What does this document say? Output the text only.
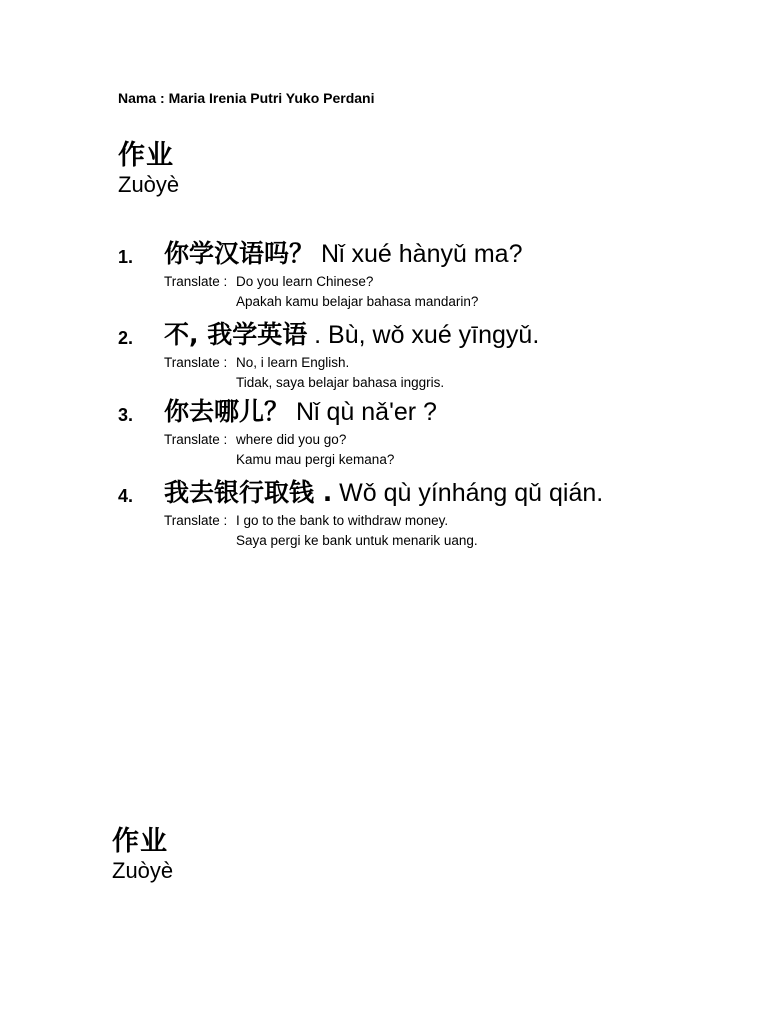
Nama : Maria Irenia Putri Yuko Perdani
作业
Zuòyè
1. 你学汉语吗？ Nǐ xué hànyǔ ma?
Translate : Do you learn Chinese?
Apakah kamu belajar bahasa mandarin?
2. 不, 我学英语 . Bù, wǒ xué yīngyǔ.
Translate : No, i learn English.
Tidak, saya belajar bahasa inggris.
3. 你去哪儿？ Nǐ qù nǎ'er ?
Translate : where did you go?
Kamu mau pergi kemana?
4. 我去银行取钱 . Wǒ qù yínháng qǔ qián.
Translate : I go to the bank to withdraw money.
Saya pergi ke bank untuk menarik uang.
作业
Zuòyè
